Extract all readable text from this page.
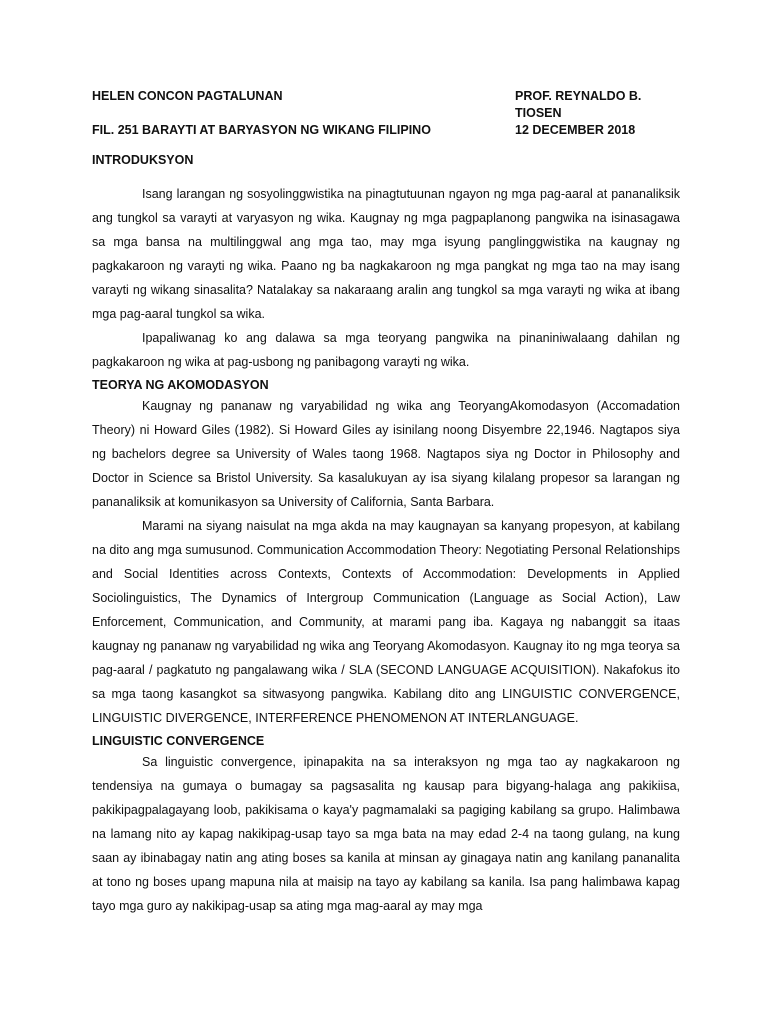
HELEN CONCON PAGTALUNAN	PROF. REYNALDO B. TIOSEN
FIL. 251 BARAYTI AT BARYASYON NG WIKANG FILIPINO	12 DECEMBER 2018
INTRODUKSYON

Isang larangan ng sosyolinggwistika na pinagtutuunan ngayon ng mga pag-aaral at pananaliksik ang tungkol sa varayti at varyasyon ng wika. Kaugnay ng mga pagpaplanong pangwika na isinasagawa sa mga bansa na multilinggwal ang mga tao, may mga isyung panglinggwistika na kaugnay ng pagkakaroon ng varayti ng wika. Paano ng ba nagkakaroon ng mga pangkat ng mga tao na may isang varayti ng wikang sinasalita? Natalakay sa nakaraang aralin ang tungkol sa mga varayti ng wika at ibang mga pag-aaral tungkol sa wika.

Ipapaliwanag ko ang dalawa sa mga teoryang pangwika na pinaniniwalaang dahilan ng pagkakaroon ng wika at pag-usbong ng panibagong varayti ng wika.

TEORYA NG AKOMODASYON

Kaugnay ng pananaw ng varyabilidad ng wika ang TeoryangAkomodasyon (Accomadation Theory) ni Howard Giles (1982). Si Howard Giles ay isinilang noong Disyembre 22,1946. Nagtapos siya ng bachelors degree sa University of Wales taong 1968. Nagtapos siya ng Doctor in Philosophy and Doctor in Science sa Bristol University. Sa kasalukuyan ay isa siyang kilalang propesor sa larangan ng pananaliksik at komunikasyon sa University of California, Santa Barbara.

Marami na siyang naisulat na mga akda na may kaugnayan sa kanyang propesyon, at kabilang na dito ang mga sumusunod. Communication Accommodation Theory: Negotiating Personal Relationships and Social Identities across Contexts, Contexts of Accommodation: Developments in Applied Sociolinguistics, The Dynamics of Intergroup Communication (Language as Social Action), Law Enforcement, Communication, and Community, at marami pang iba. Kagaya ng nabanggit sa itaas kaugnay ng pananaw ng varyabilidad ng wika ang Teoryang Akomodasyon. Kaugnay ito ng mga teorya sa pag-aaral / pagkatuto ng pangalawang wika / SLA (SECOND LANGUAGE ACQUISITION). Nakafokus ito sa mga taong kasangkot sa sitwasyong pangwika. Kabilang dito ang LINGUISTIC CONVERGENCE, LINGUISTIC DIVERGENCE, INTERFERENCE PHENOMENON AT INTERLANGUAGE.

LINGUISTIC CONVERGENCE

Sa linguistic convergence, ipinapakita na sa interaksyon ng mga tao ay nagkakaroon ng tendensiya na gumaya o bumagay sa pagsasalita ng kausap para bigyang-halaga ang pakikiisa, pakikipagpalagayang loob, pakikisama o kaya'y pagmamalaki sa pagiging kabilang sa grupo. Halimbawa na lamang nito ay kapag nakikipag-usap tayo sa mga bata na may edad 2-4 na taong gulang, na kung saan ay ibinabagay natin ang ating boses sa kanila at minsan ay ginagaya natin ang kanilang pananalita at tono ng boses upang mapuna nila at maisip na tayo ay kabilang sa kanila. Isa pang halimbawa kapag tayo mga guro ay nakikipag-usap sa ating mga mag-aaral ay may mga
